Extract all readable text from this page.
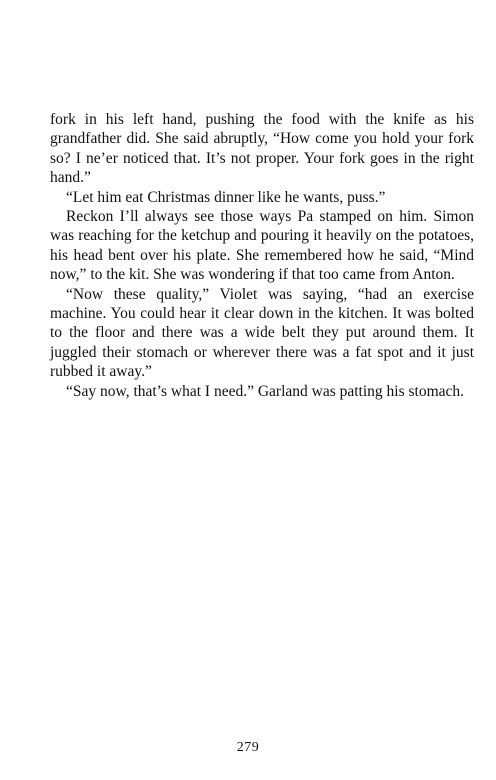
fork in his left hand, pushing the food with the knife as his grandfather did. She said abruptly, “How come you hold your fork so? I ne’er noticed that. It’s not proper. Your fork goes in the right hand.”

“Let him eat Christmas dinner like he wants, puss.”

Reckon I’ll always see those ways Pa stamped on him. Simon was reaching for the ketchup and pouring it heavily on the potatoes, his head bent over his plate. She remembered how he said, “Mind now,” to the kit. She was wondering if that too came from Anton.

“Now these quality,” Violet was saying, “had an exercise machine. You could hear it clear down in the kitchen. It was bolted to the floor and there was a wide belt they put around them. It juggled their stomach or wherever there was a fat spot and it just rubbed it away.”

“Say now, that’s what I need.” Garland was patting his stomach.

279
